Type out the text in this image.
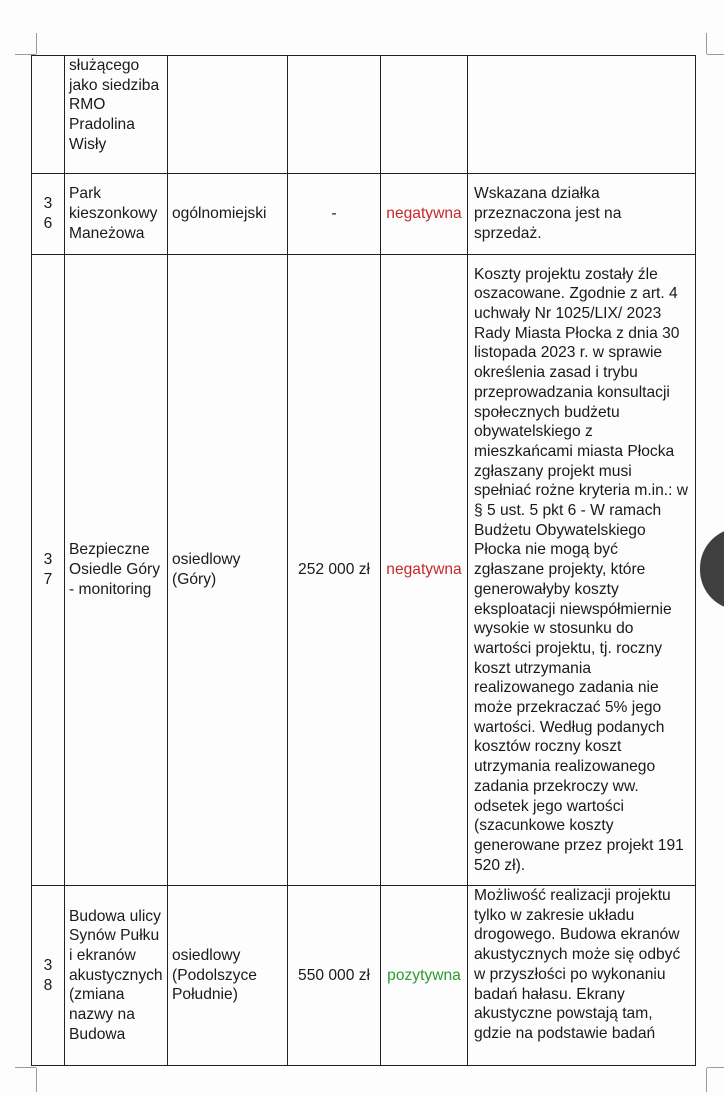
	służącego jako siedziba RMO Pradolina Wisły				

36	Park kieszonkowy Maneżowa	ogólnomiejski	-	negatywna	Wskazana działka przeznaczona jest na sprzedaż.

37	Bezpieczne Osiedle Góry - monitoring	osiedlowy (Góry)	252 000 zł	negatywna	Koszty projektu zostały źle oszacowane. Zgodnie z art. 4 uchwały Nr 1025/LIX/ 2023 Rady Miasta Płocka z dnia 30 listopada 2023 r. w sprawie określenia zasad i trybu przeprowadzania konsultacji społecznych budżetu obywatelskiego z mieszkańcami miasta Płocka zgłaszany projekt musi spełniać rożne kryteria m.in.: w § 5 ust. 5 pkt 6 - W ramach Budżetu Obywatelskiego Płocka nie mogą być zgłaszane projekty, które generowałyby koszty eksploatacji niewspółmiernie wysokie w stosunku do wartości projektu, tj. roczny koszt utrzymania realizowanego zadania nie może przekraczać 5% jego wartości. Według podanych kosztów roczny koszt utrzymania realizowanego zadania przekroczy ww. odsetek jego wartości (szacunkowe koszty generowane przez projekt 191 520 zł).

38	Budowa ulicy Synów Pułku i ekranów akustycznych (zmiana nazwy na Budowa	osiedlowy (Podolszyce Południe)	550 000 zł	pozytywna	Możliwość realizacji projektu tylko w zakresie układu drogowego. Budowa ekranów akustycznych może się odbyć w przyszłości po wykonaniu badań hałasu. Ekrany akustyczne powstają tam, gdzie na podstawie badań
